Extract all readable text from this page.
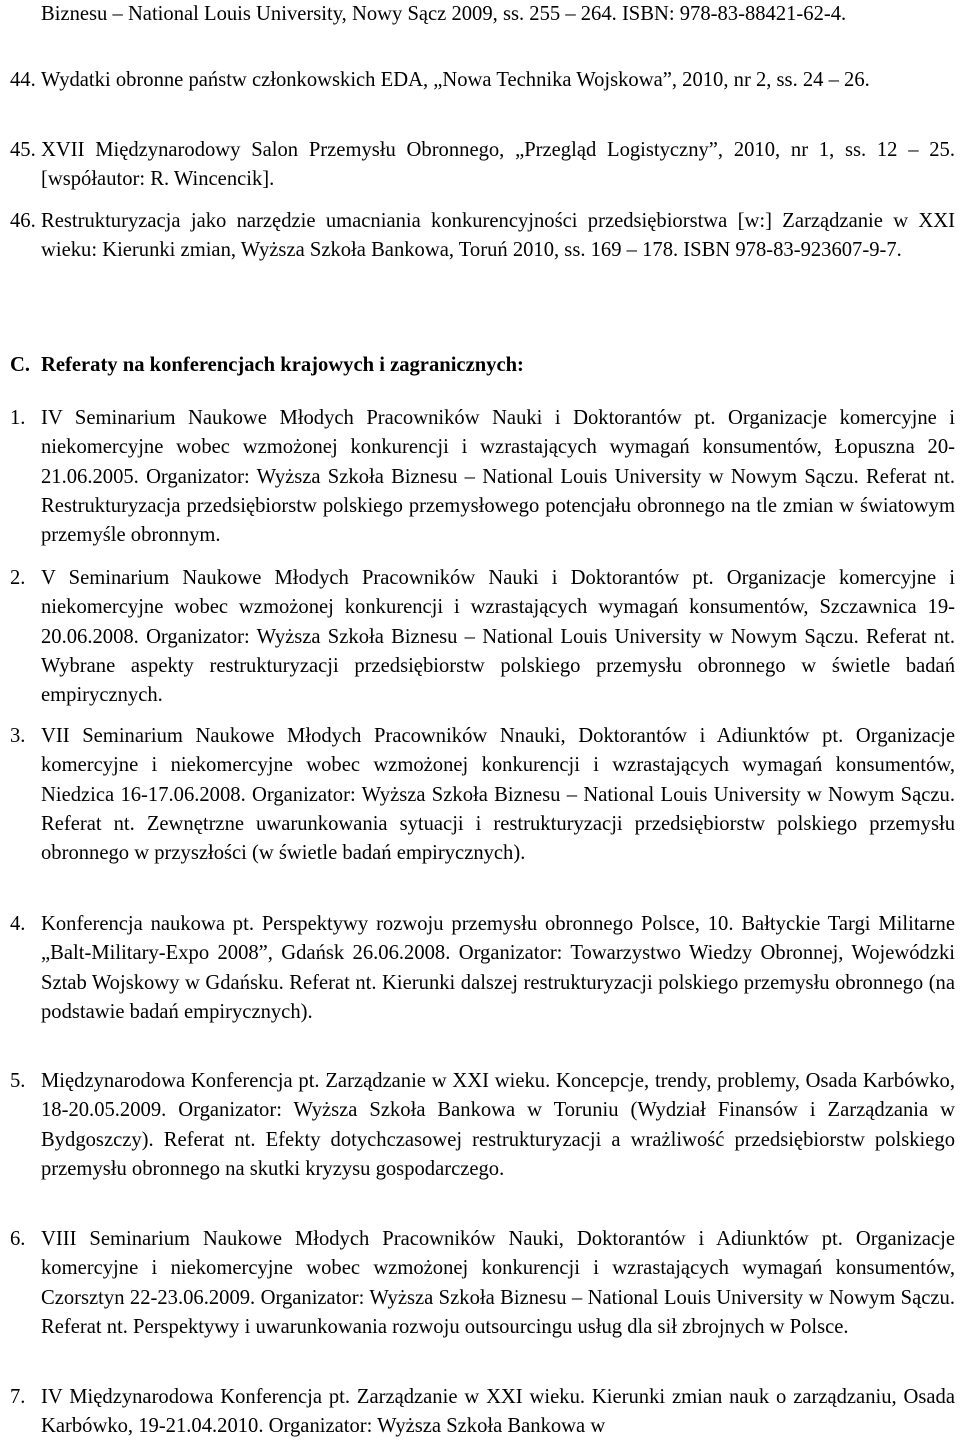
Biznesu – National Louis University, Nowy Sącz 2009, ss. 255 – 264. ISBN: 978-83-88421-62-4.
44. Wydatki obronne państw członkowskich EDA, „Nowa Technika Wojskowa”, 2010, nr 2, ss. 24 – 26.
45. XVII Międzynarodowy Salon Przemysłu Obronnego, „Przegląd Logistyczny”, 2010, nr 1, ss. 12 – 25. [współautor: R. Wincencik].
46. Restrukturyzacja jako narzędzie umacniania konkurencyjności przedsiębiorstwa [w:] Zarządzanie w XXI wieku: Kierunki zmian, Wyższa Szkoła Bankowa, Toruń 2010, ss. 169 – 178. ISBN 978-83-923607-9-7.
C. Referaty na konferencjach krajowych i zagranicznych:
1. IV Seminarium Naukowe Młodych Pracowników Nauki i Doktorantów pt. Organizacje komercyjne i niekomercyjne wobec wzmożonej konkurencji i wzrastających wymagań konsumentów, Łopuszna 20-21.06.2005. Organizator: Wyższa Szkoła Biznesu – National Louis University w Nowym Sączu. Referat nt. Restrukturyzacja przedsiębiorstw polskiego przemysłowego potencjału obronnego na tle zmian w światowym przemyśle obronnym.
2. V Seminarium Naukowe Młodych Pracowników Nauki i Doktorantów pt. Organizacje komercyjne i niekomercyjne wobec wzmożonej konkurencji i wzrastających wymagań konsumentów, Szczawnica 19-20.06.2008. Organizator: Wyższa Szkoła Biznesu – National Louis University w Nowym Sączu. Referat nt. Wybrane aspekty restrukturyzacji przedsiębiorstw polskiego przemysłu obronnego w świetle badań empirycznych.
3. VII Seminarium Naukowe Młodych Pracowników Nnauki, Doktorantów i Adiunktów pt. Organizacje komercyjne i niekomercyjne wobec wzmożonej konkurencji i wzrastających wymagań konsumentów, Niedzica 16-17.06.2008. Organizator: Wyższa Szkoła Biznesu – National Louis University w Nowym Sączu. Referat nt. Zewnętrzne uwarunkowania sytuacji i restrukturyzacji przedsiębiorstw polskiego przemysłu obronnego w przyszłości (w świetle badań empirycznych).
4. Konferencja naukowa pt. Perspektywy rozwoju przemysłu obronnego Polsce, 10. Bałtyckie Targi Militarne „Balt-Military-Expo 2008”, Gdańsk 26.06.2008. Organizator: Towarzystwo Wiedzy Obronnej, Wojewódzki Sztab Wojskowy w Gdańsku. Referat nt. Kierunki dalszej restrukturyzacji polskiego przemysłu obronnego (na podstawie badań empirycznych).
5. Międzynarodowa Konferencja pt. Zarządzanie w XXI wieku. Koncepcje, trendy, problemy, Osada Karbówko, 18-20.05.2009. Organizator: Wyższa Szkoła Bankowa w Toruniu (Wydział Finansów i Zarządzania w Bydgoszczy). Referat nt. Efekty dotychczasowej restrukturyzacji a wrażliwość przedsiębiorstw polskiego przemysłu obronnego na skutki kryzysu gospodarczego.
6. VIII Seminarium Naukowe Młodych Pracowników Nauki, Doktorantów i Adiunktów pt. Organizacje komercyjne i niekomercyjne wobec wzmożonej konkurencji i wzrastających wymagań konsumentów, Czorsztyn 22-23.06.2009. Organizator: Wyższa Szkoła Biznesu – National Louis University w Nowym Sączu. Referat nt. Perspektywy i uwarunkowania rozwoju outsourcingu usług dla sił zbrojnych w Polsce.
7. IV Międzynarodowa Konferencja pt. Zarządzanie w XXI wieku. Kierunki zmian nauk o zarządzaniu, Osada Karbówko, 19-21.04.2010. Organizator: Wyższa Szkoła Bankowa w
